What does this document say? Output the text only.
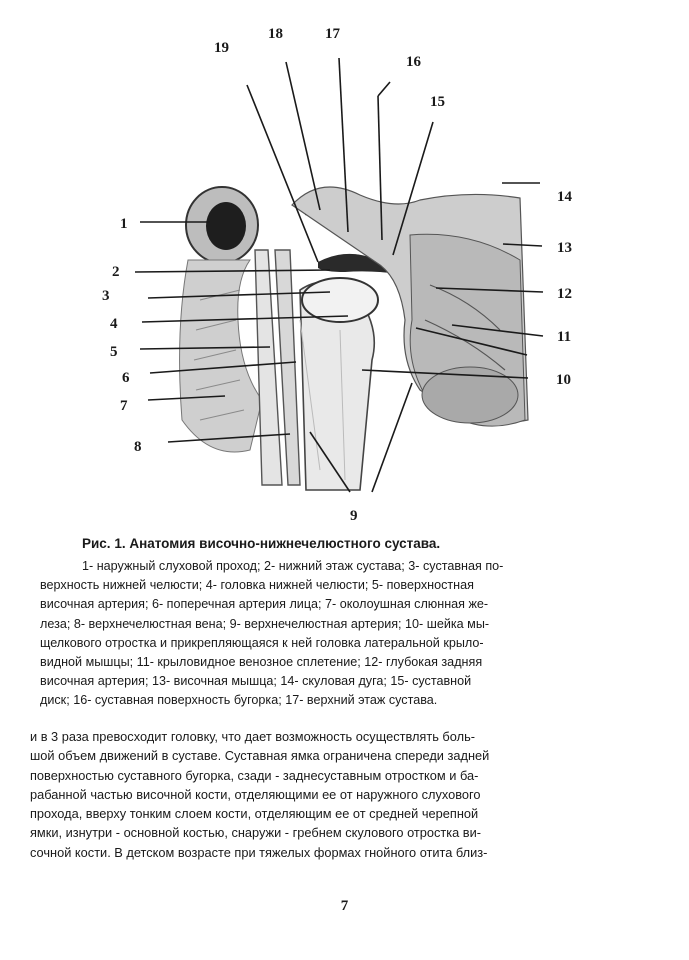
1
2
3
4
5
6
7
8
9
10
11
12
13
14
15
16
17
18
19
Рис. 1. Анатомия височно-нижнечелюстного сустава.
1- наружный слуховой проход; 2- нижний этаж сустава; 3- суставная по-
верхность нижней челюсти; 4- головка нижней челюсти; 5- поверхностная
височная артерия; 6- поперечная артерия лица; 7- околоушная слюнная же-
леза; 8- верхнечелюстная вена; 9- верхнечелюстная артерия; 10- шейка мы-
щелкового отростка и прикрепляющаяся к ней головка латеральной крыло-
видной мышцы; 11- крыловидное венозное сплетение; 12- глубокая задняя
височная артерия; 13- височная мышца; 14- скуловая дуга; 15- суставной
диск; 16- суставная поверхность бугорка; 17- верхний этаж сустава.
и в 3 раза превосходит головку, что дает возможность осуществлять боль-
шой объем движений в суставе. Суставная ямка ограничена спереди задней
поверхностью суставного бугорка, сзади - заднесуставным отростком и ба-
рабанной частью височной кости, отделяющими ее от наружного слухового
прохода, вверху тонким слоем кости, отделяющим ее от средней черепной
ямки, изнутри - основной костью, снаружи - гребнем скулового отростка ви-
сочной кости. В детском возрасте при тяжелых формах гнойного отита близ-
7
